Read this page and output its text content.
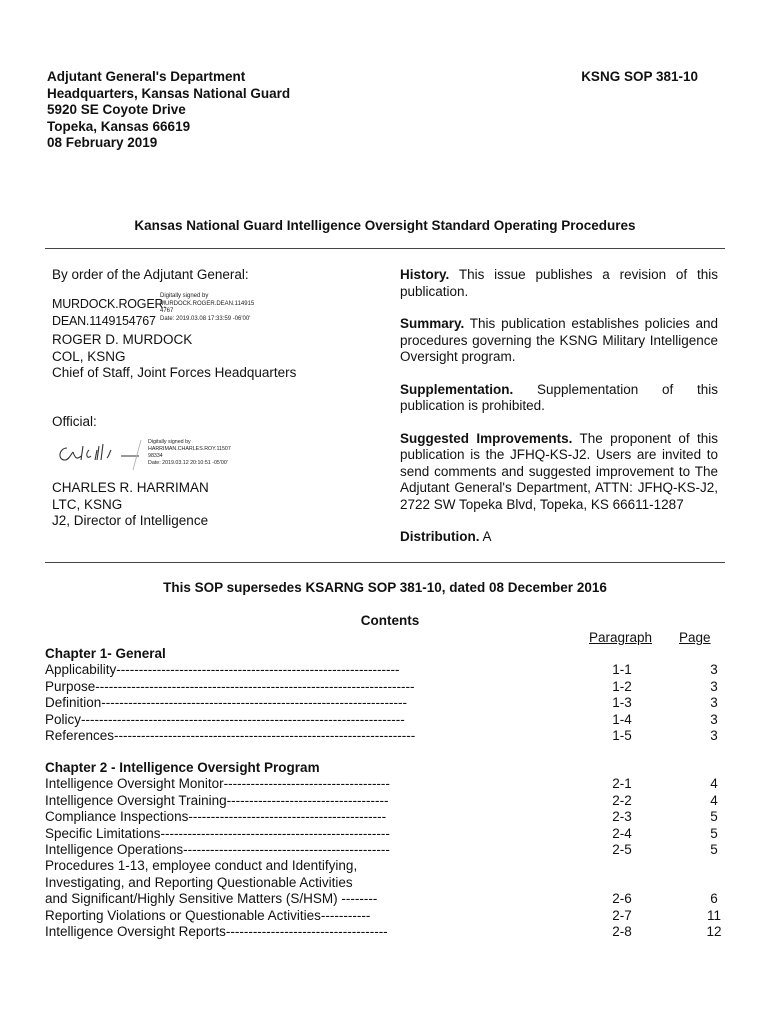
Adjutant General's Department
Headquarters, Kansas National Guard
5920 SE Coyote Drive
Topeka, Kansas 66619
08 February 2019
KSNG SOP 381-10
Kansas National Guard Intelligence Oversight Standard Operating Procedures
By order of the Adjutant General:
MURDOCK.ROGER.
DEAN.1149154767
Digitally signed by
MURDOCK.ROGER.DEAN.114915
4767
Date: 2019.03.08 17:33:59 -06'00'
ROGER D. MURDOCK
COL, KSNG
Chief of Staff, Joint Forces Headquarters
Official:
Digitally signed by
HARRIMAN.CHARLES.ROY.11507
98334
Date: 2019.03.12 20:10:51 -05'00'
CHARLES R. HARRIMAN
LTC, KSNG
J2, Director of Intelligence

History. This issue publishes a revision of this publication.

Summary. This publication establishes policies and procedures governing the KSNG Military Intelligence Oversight program.

Supplementation. Supplementation of this publication is prohibited.

Suggested Improvements. The proponent of this publication is the JFHQ-KS-J2. Users are invited to send comments and suggested improvement to The Adjutant General's Department, ATTN: JFHQ-KS-J2, 2722 SW Topeka Blvd, Topeka, KS 66611-1287

Distribution. A

This SOP supersedes KSARNG SOP 381-10, dated 08 December 2016
Contents
Paragraph Page
Chapter 1- General
Applicability---------------------------------------------------------------	1-1	3
Purpose-----------------------------------------------------------------------	1-2	3
Definition--------------------------------------------------------------------	1-3	3
Policy------------------------------------------------------------------------	1-4	3
References-------------------------------------------------------------------	1-5	3
Chapter 2 - Intelligence Oversight Program
Intelligence Oversight Monitor-------------------------------------	2-1	4
Intelligence Oversight Training------------------------------------	2-2	4
Compliance Inspections--------------------------------------------	2-3	5
Specific Limitations---------------------------------------------------	2-4	5
Intelligence Operations----------------------------------------------	2-5	5
Procedures 1-13, employee conduct and Identifying,
Investigating, and Reporting Questionable Activities
and Significant/Highly Sensitive Matters (S/HSM) --------	2-6	6
Reporting Violations or Questionable Activities-----------	2-7	11
Intelligence Oversight Reports------------------------------------	2-8	12
